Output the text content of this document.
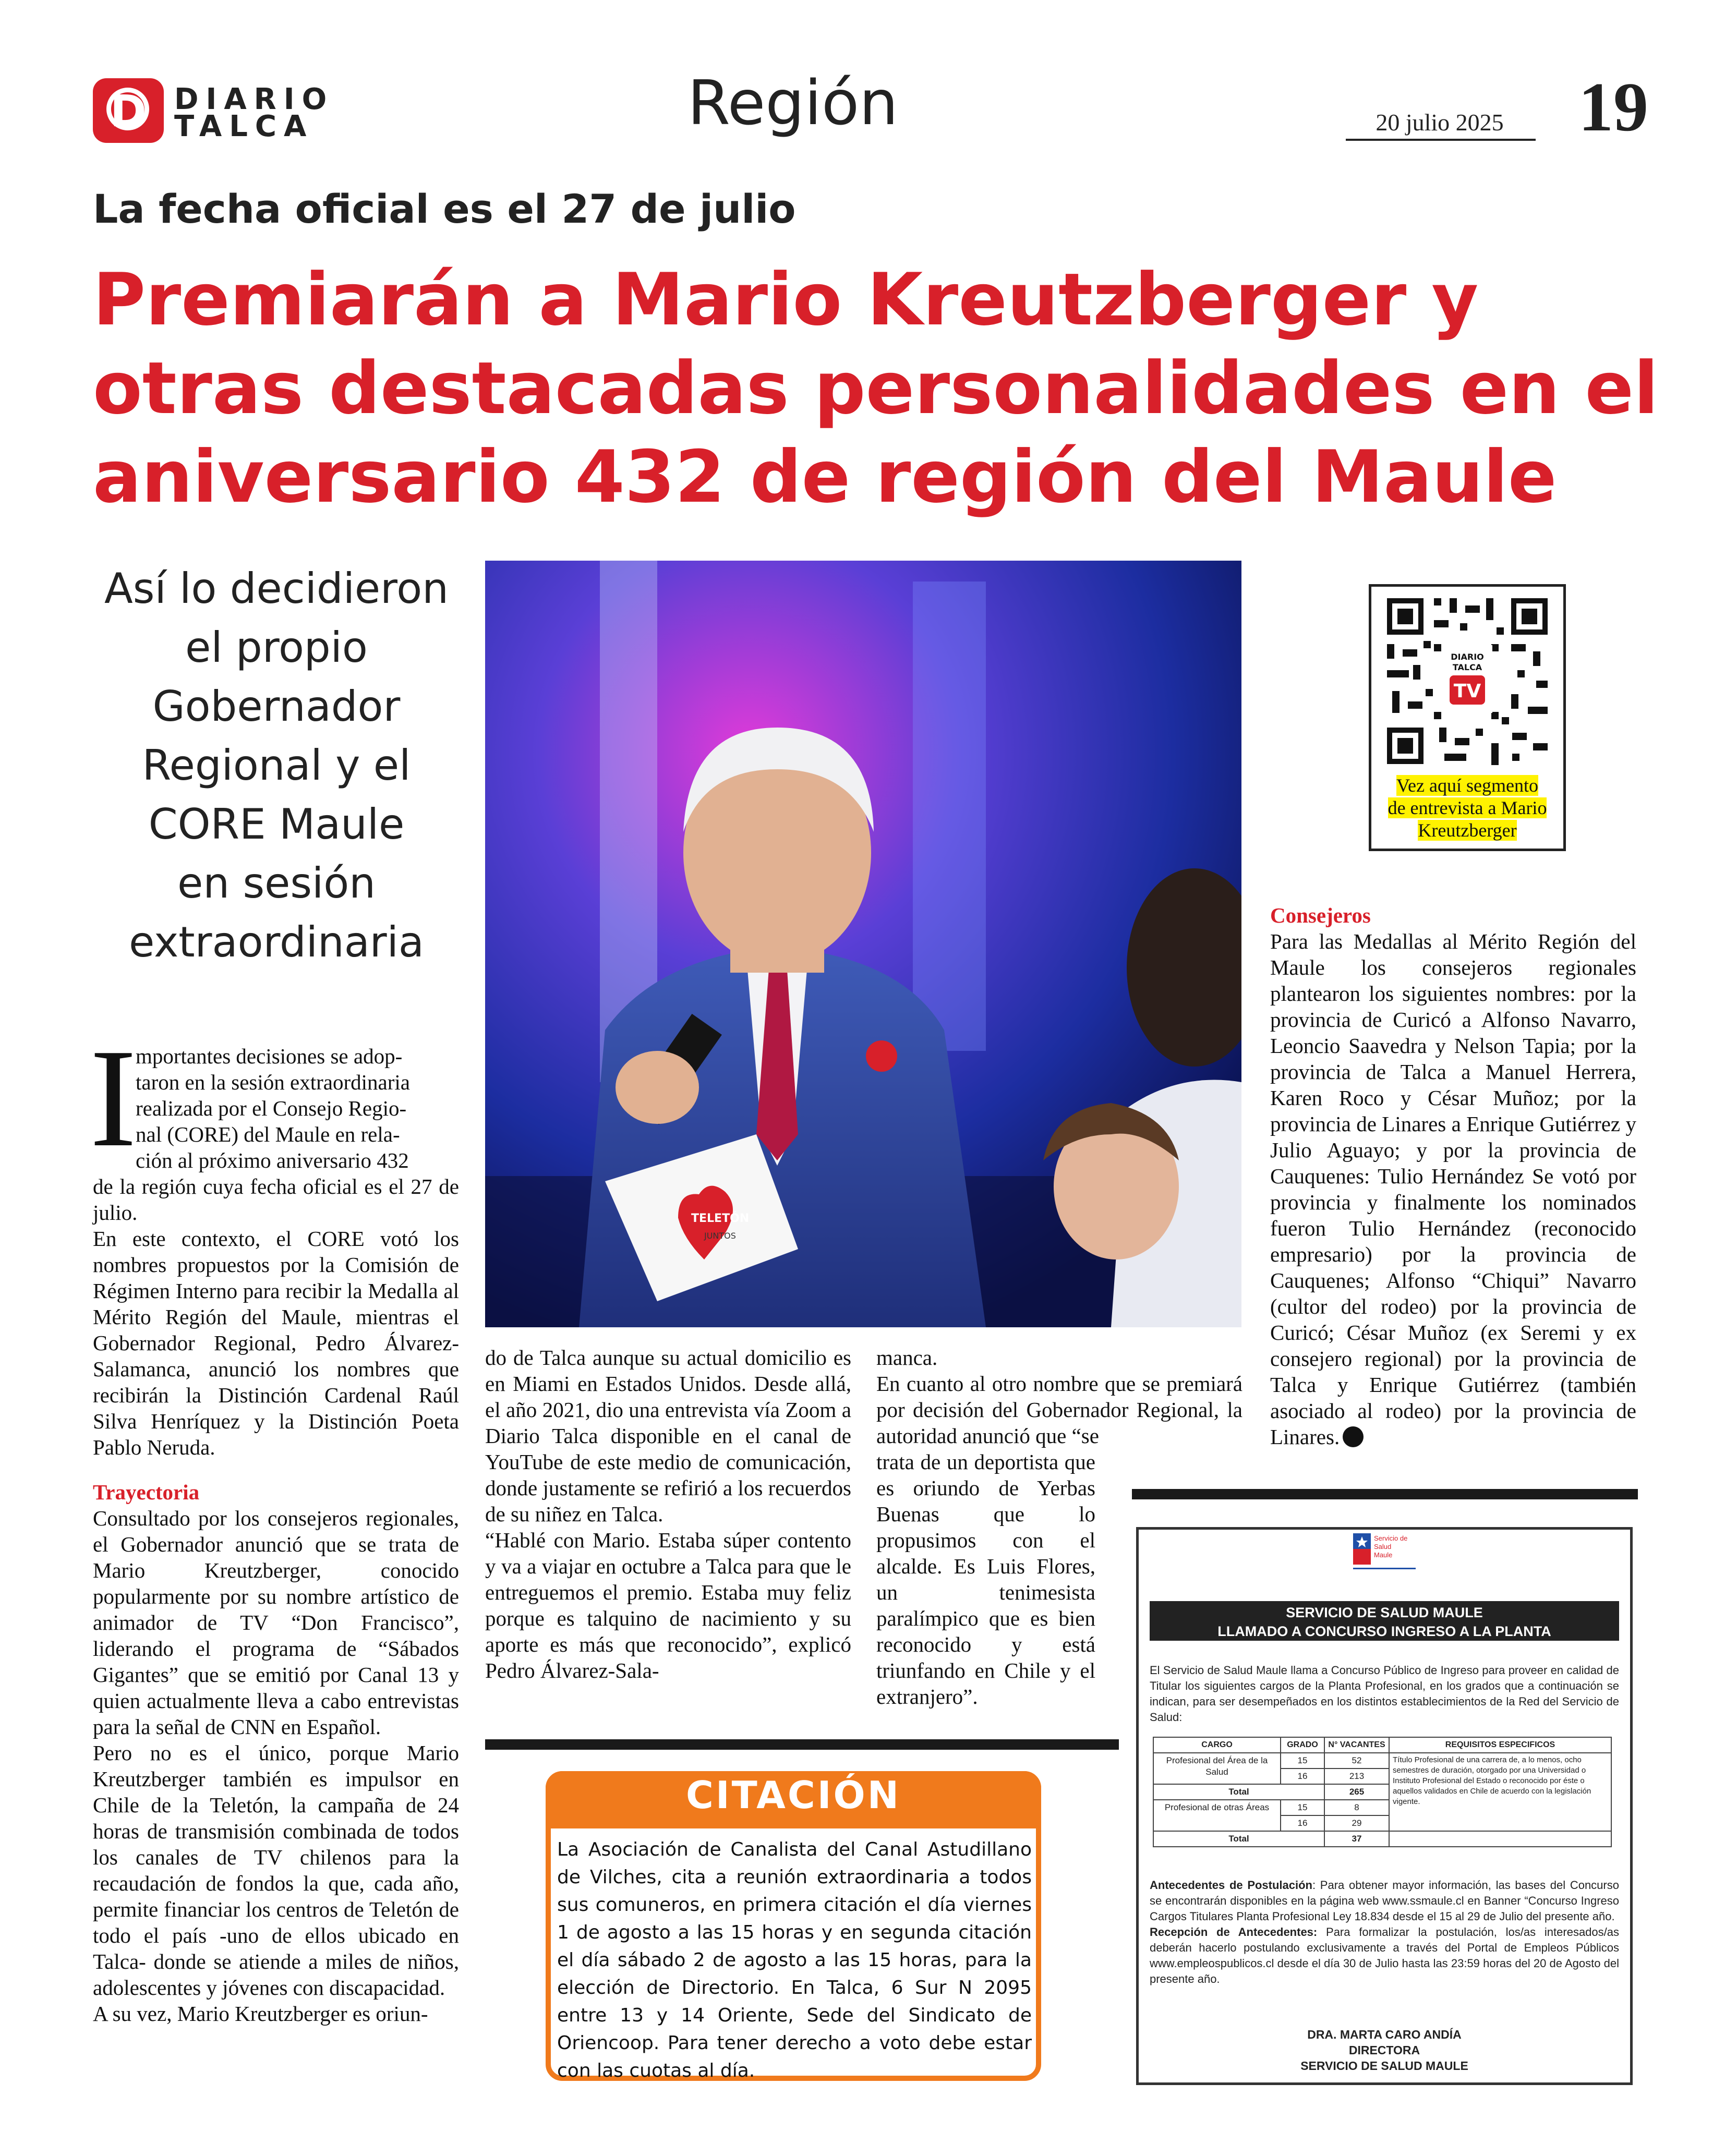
D DIARIO
TALCA	Región	20 julio 2025	19
La fecha oficial es el 27 de julio
Premiarán a Mario Kreutzberger y
otras destacadas personalidades en el
aniversario 432 de región del Maule
Así lo decidieron
el propio
Gobernador
Regional y el
CORE Maule
en sesión
extraordinaria
I

mportantes decisiones se adop-

taron en la sesión extraordinaria

realizada por el Consejo Regio-

nal (CORE) del Maule en rela-

ción al próximo aniversario 432

de la región cuya fecha oficial es el 27 de julio.

En este contexto, el CORE votó los nombres propuestos por la Comisión de Régimen Interno para recibir la Medalla al Mérito Región del Maule, mientras el Gobernador Regional, Pedro Álvarez-Salamanca, anunció los nombres que recibirán la Distinción Cardenal Raúl Silva Henríquez y la Distinción Poeta Pablo Neruda.

Trayectoria

Consultado por los consejeros regionales, el Gobernador anunció que se trata de Mario Kreutzberger, conocido popularmente por su nombre artístico de animador de TV “Don Francisco”, liderando el programa de “Sábados Gigantes” que se emitió por Canal 13 y quien actualmente lleva a cabo entrevistas para la señal de CNN en Español.

Pero no es el único, porque Mario Kreutzberger también es impulsor en Chile de la Teletón, la campaña de 24 horas de transmisión combinada de todos los canales de TV chilenos para la recaudación de fondos la que, cada año, permite financiar los centros de Teletón de todo el país -uno de ellos ubicado en Talca- donde se atiende a miles de niños, adolescentes y jóvenes con discapacidad.

A su vez, Mario Kreutzberger es oriun-

TELETÓN
JUNTOS

do de Talca aunque su actual domicilio es en Miami en Estados Unidos. Desde allá, el año 2021, dio una entrevista vía Zoom a Diario Talca disponible en el canal de YouTube de este medio de comunicación, donde justamente se refirió a los recuerdos de su niñez en Talca.

“Hablé con Mario. Estaba súper contento y va a viajar en octubre a Talca para que le entreguemos el premio. Estaba muy feliz porque es talquino de nacimiento y su aporte es más que reconocido”, explicó Pedro Álvarez-Sala-

manca.

En cuanto al otro nombre que se premiará por decisión del Gobernador Regional, la autoridad anunció que “se

trata de un deportista que es oriundo de Yerbas Buenas que lo propusimos con el alcalde. Es Luis Flores, un tenimesista paralímpico que es bien reconocido y está triunfando en Chile y el extranjero”.

DIARIO
TALCA
TV
Vez aquí segmento
de entrevista a Mario
Kreutzberger

Consejeros

Para las Medallas al Mérito Región del Maule los consejeros regionales plantearon los siguientes nombres: por la provincia de Curicó a Alfonso Navarro, Leoncio Saavedra y Nelson Tapia; por la provincia de Talca a Manuel Herrera, Karen Roco y César Muñoz; por la provincia de Linares a Enrique Gutiérrez y Julio Aguayo; y por la provincia de Cauquenes: Tulio Hernández Se votó por provincia y finalmente los nominados fueron Tulio Hernández (reconocido empresario) por la provincia de Cauquenes; Alfonso “Chiqui” Navarro (cultor del rodeo) por la provincia de Curicó; César Muñoz (ex Seremi y ex consejero regional) por la provincia de Talca y Enrique Gutiérrez (también asociado al rodeo) por la provincia de Linares.

CITACIÓN
La Asociación de Canalista del Canal Astudillano de Vilches, cita a reunión extraordinaria a todos sus comuneros, en primera citación el día viernes 1 de agosto a las 15 horas y en segunda citación el día sábado 2 de agosto a las 15 horas, para la elección de Directorio. En Talca, 6 Sur N 2095 entre 13 y 14 Oriente, Sede del Sindicato de Oriencoop. Para tener derecho a voto debe estar con las cuotas al día.
Servicio de
Salud
Maule
SERVICIO DE SALUD MAULE
LLAMADO A CONCURSO INGRESO A LA PLANTA
El Servicio de Salud Maule llama a Concurso Público de Ingreso para proveer en calidad de Titular los siguientes cargos de la Planta Profesional, en los grados que a continuación se indican, para ser desempeñados en los distintos establecimientos de la Red del Servicio de Salud:
CARGO	GRADO	N° VACANTES	REQUISITOS ESPECIFICOS
Profesional del Área de la Salud	15	52	Título Profesional de una carrera de, a lo menos, ocho semestres de duración, otorgado por una Universidad o Instituto Profesional del Estado o reconocido por éste o aquellos validados en Chile de acuerdo con la legislación vigente.
	16	213	
Total		265	
Profesional de otras Áreas	15	8	
	16	29	
Total		37	
Antecedentes de Postulación: Para obtener mayor información, las bases del Concurso se encontrarán disponibles en la página web www.ssmaule.cl en Banner “Concurso Ingreso Cargos Titulares Planta Profesional Ley 18.834 desde el 15 al 29 de Julio del presente año.
Recepción de Antecedentes: Para formalizar la postulación, los/as interesados/as deberán hacerlo postulando exclusivamente a través del Portal de Empleos Públicos www.empleospublicos.cl desde el día 30 de Julio hasta las 23:59 horas del 20 de Agosto del presente año.
DRA. MARTA CARO ANDÍA
DIRECTORA
SERVICIO DE SALUD MAULE
